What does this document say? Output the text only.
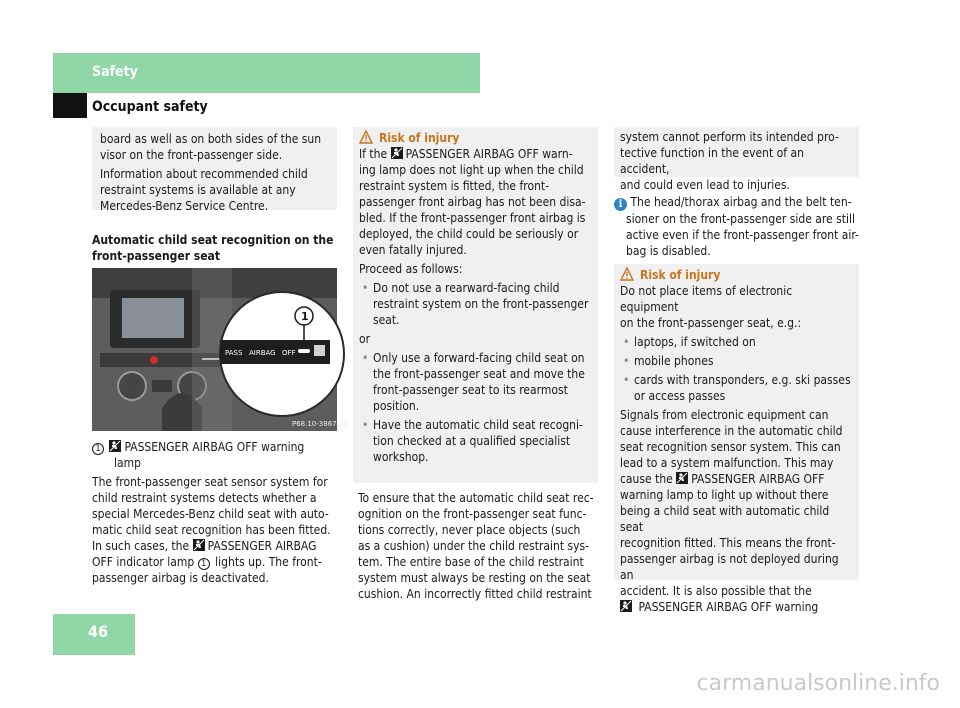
Safety
Occupant safety

board as well as on both sides of the sun

visor on the front-passenger side.

Information about recommended child

restraint systems is available at any

Mercedes-Benz Service Centre.

Automatic child seat recognition on the

front-passenger seat

PASS AIRBAG OFF
1
P68.10-3867-31

1 PASSENGER AIRBAG OFF warning

lamp

The front-passenger seat sensor system for

child restraint systems detects whether a

special Mercedes-Benz child seat with auto-

matic child seat recognition has been fitted.

In such cases, the PASSENGER AIRBAG

OFF indicator lamp 1 lights up. The front-

passenger airbag is deactivated.

Risk of injury

If the PASSENGER AIRBAG OFF warn-

ing lamp does not light up when the child

restraint system is fitted, the front-

passenger front airbag has not been disa-

bled. If the front-passenger front airbag is

deployed, the child could be seriously or

even fatally injured.

Proceed as follows:

• Do not use a rearward-facing child

restraint system on the front-passenger

seat.

or

• Only use a forward-facing child seat on

the front-passenger seat and move the

front-passenger seat to its rearmost

position.

• Have the automatic child seat recogni-

tion checked at a qualified specialist

workshop.

To ensure that the automatic child seat rec-

ognition on the front-passenger seat func-

tions correctly, never place objects (such

as a cushion) under the child restraint sys-

tem. The entire base of the child restraint

system must always be resting on the seat

cushion. An incorrectly fitted child restraint

system cannot perform its intended pro-

tective function in the event of an accident,

and could even lead to injuries.

i The head/thorax airbag and the belt ten-

sioner on the front-passenger side are still

active even if the front-passenger front air-

bag is disabled.

Risk of injury

Do not place items of electronic equipment

on the front-passenger seat, e.g.:

• laptops, if switched on

• mobile phones

• cards with transponders, e.g. ski passes

or access passes

Signals from electronic equipment can

cause interference in the automatic child

seat recognition sensor system. This can

lead to a system malfunction. This may

cause the PASSENGER AIRBAG OFF

warning lamp to light up without there

being a child seat with automatic child seat

recognition fitted. This means the front-

passenger airbag is not deployed during an

accident. It is also possible that the

PASSENGER AIRBAG OFF warning

46
carmanualsonline.info
